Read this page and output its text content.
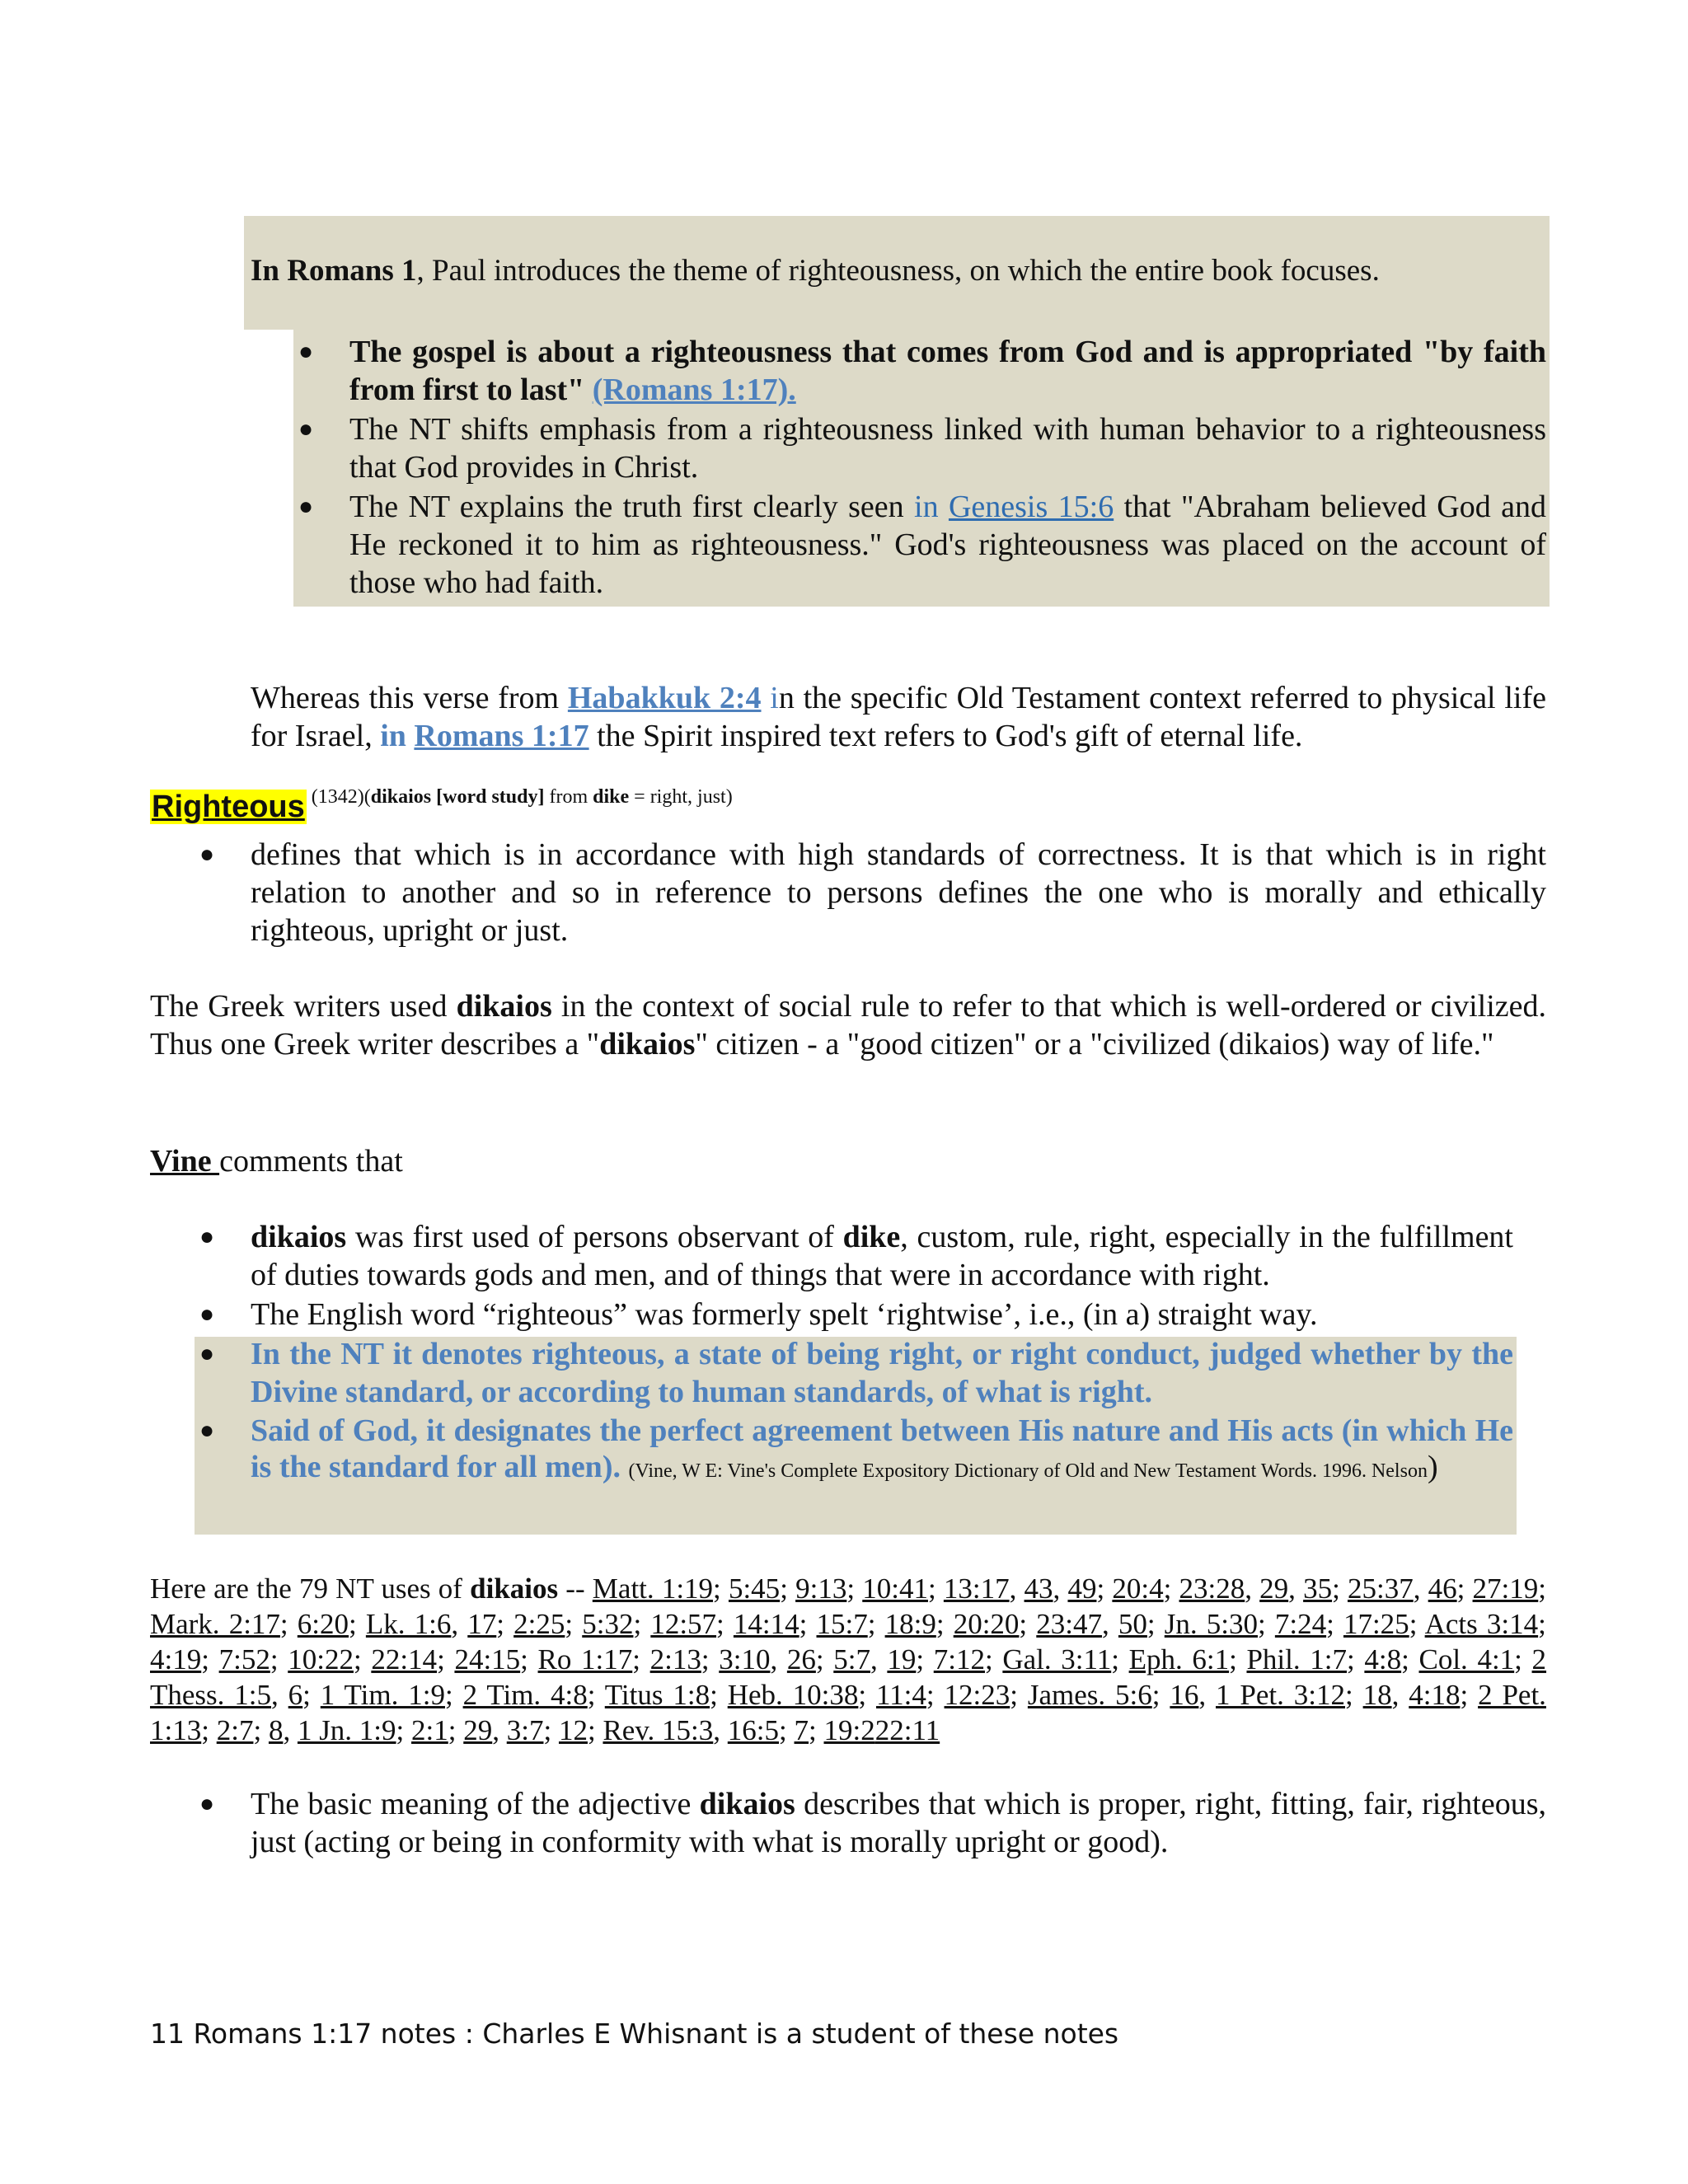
In Romans 1, Paul introduces the theme of righteousness, on which the entire book focuses.
● The gospel is about a righteousness that comes from God and is appropriated "by faith from first to last" (Romans 1:17).
● The NT shifts emphasis from a righteousness linked with human behavior to a righteousness that God provides in Christ.
● The NT explains the truth first clearly seen in Genesis 15:6 that "Abraham believed God and He reckoned it to him as righteousness." God's righteousness was placed on the account of those who had faith.
Whereas this verse from Habakkuk 2:4 in the specific Old Testament context referred to physical life for Israel, in Romans 1:17 the Spirit inspired text refers to God's gift of eternal life.
Righteous (1342)(dikaios [word study] from dike = right, just)
● defines that which is in accordance with high standards of correctness. It is that which is in right relation to another and so in reference to persons defines the one who is morally and ethically righteous, upright or just.
The Greek writers used dikaios in the context of social rule to refer to that which is well-ordered or civilized. Thus one Greek writer describes a "dikaios" citizen - a "good citizen" or a "civilized (dikaios) way of life."
Vine comments that
● dikaios was first used of persons observant of dike, custom, rule, right, especially in the fulfillment of duties towards gods and men, and of things that were in accordance with right.
● The English word “righteous” was formerly spelt ‘rightwise’, i.e., (in a) straight way.
● In the NT it denotes righteous, a state of being right, or right conduct, judged whether by the Divine standard, or according to human standards, of what is right.
● Said of God, it designates the perfect agreement between His nature and His acts (in which He is the standard for all men). (Vine, W E: Vine's Complete Expository Dictionary of Old and New Testament Words. 1996. Nelson)
Here are the 79 NT uses of dikaios -- Matt. 1:19; 5:45; 9:13; 10:41; 13:17, 43, 49; 20:4; 23:28, 29, 35; 25:37, 46; 27:19; Mark. 2:17; 6:20; Lk. 1:6, 17; 2:25; 5:32; 12:57; 14:14; 15:7; 18:9; 20:20; 23:47, 50; Jn. 5:30; 7:24; 17:25; Acts 3:14; 4:19; 7:52; 10:22; 22:14; 24:15; Ro 1:17; 2:13; 3:10, 26; 5:7, 19; 7:12; Gal. 3:11; Eph. 6:1; Phil. 1:7; 4:8; Col. 4:1; 2 Thess. 1:5, 6; 1 Tim. 1:9; 2 Tim. 4:8; Titus 1:8; Heb. 10:38; 11:4; 12:23; James. 5:6; 16, 1 Pet. 3:12; 18, 4:18; 2 Pet. 1:13; 2:7; 8, 1 Jn. 1:9; 2:1; 29, 3:7; 12; Rev. 15:3, 16:5; 7; 19:222:11
● The basic meaning of the adjective dikaios describes that which is proper, right, fitting, fair, righteous, just (acting or being in conformity with what is morally upright or good).
11 Romans 1:17 notes : Charles E Whisnant is a student of these notes
